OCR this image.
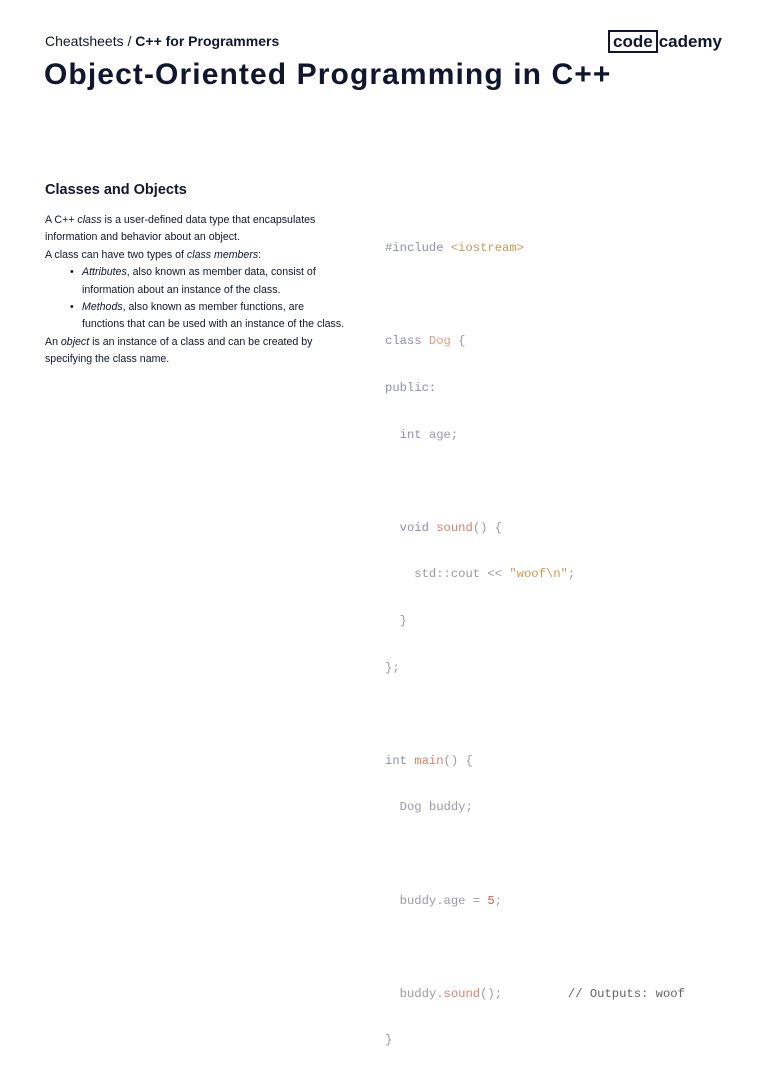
Cheatsheets / C++ for Programmers	code cademy
Object-Oriented Programming in C++
Classes and Objects

A C++ class is a user-defined data type that encapsulates information and behavior about an object.

A class can have two types of class members:

• Attributes, also known as member data, consist of information about an instance of the class.
• Methods, also known as member functions, are functions that can be used with an instance of the class.

An object is an instance of a class and can be created by specifying the class name.

#include <iostream>

class Dog {

public:

int age;

void sound() {

std::cout << "woof\n";

}

};

int main() {

Dog buddy;

buddy.age = 5;

buddy.sound();	// Outputs: woof

}
